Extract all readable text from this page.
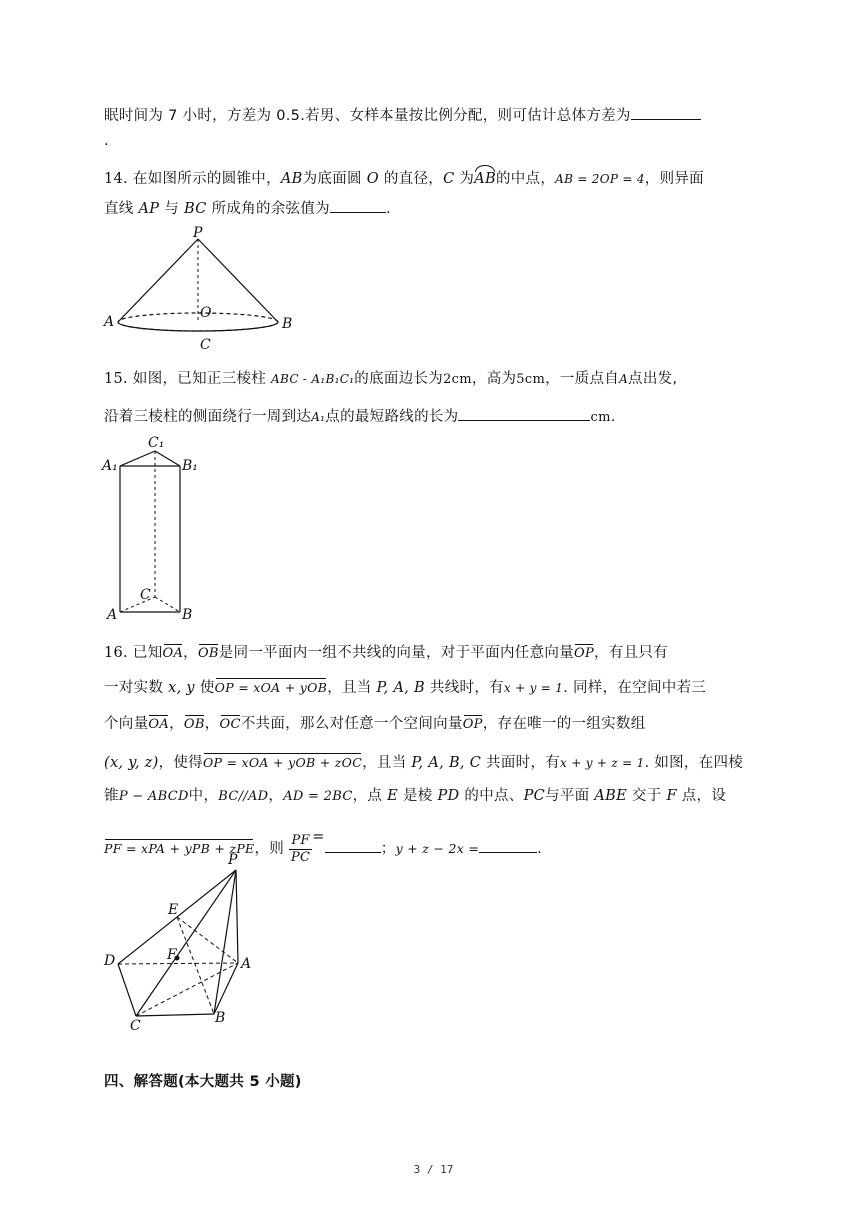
眠时间为 7 小时，方差为 0.5.若男、女样本量按比例分配，则可估计总体方差为
.
14. 在如图所示的圆锥中，AB为底面圆 O 的直径，C 为AB的中点，AB = 2OP = 4，则异面
直线 AP 与 BC 所成角的余弦值为	.
P
O
A	B
C
15. 如图，已知正三棱柱 ABC - A₁B₁C₁的底面边长为2cm，高为5cm，一质点自A点出发,
沿着三棱柱的侧面绕行一周到达A₁点的最短路线的长为	cm.
C₁
A₁	B₁
C
A	B
16. 已知OA，OB是同一平面内一组不共线的向量，对于平面内任意向量OP，有且只有
一对实数 x, y 使OP = xOA + yOB，且当 P, A, B 共线时，有x + y = 1. 同样，在空间中若三
个向量OA，OB，OC不共面，那么对任意一个空间向量OP，存在唯一的一组实数组
(x, y, z)，使得OP = xOA + yOB + zOC，且当 P, A, B, C 共面时，有x + y + z = 1. 如图，在四棱
锥P − ABCD中，BC//AD，AD = 2BC，点 E 是棱 PD 的中点、PC与平面 ABE 交于 F 点，设
PF = xPA + yPB + zPE，则 $\frac{PF}{PC}$ =；y + z − 2x =	.
P
E
D	F
A
C	B
四、解答题(本大题共 5 小题)
3 / 17
